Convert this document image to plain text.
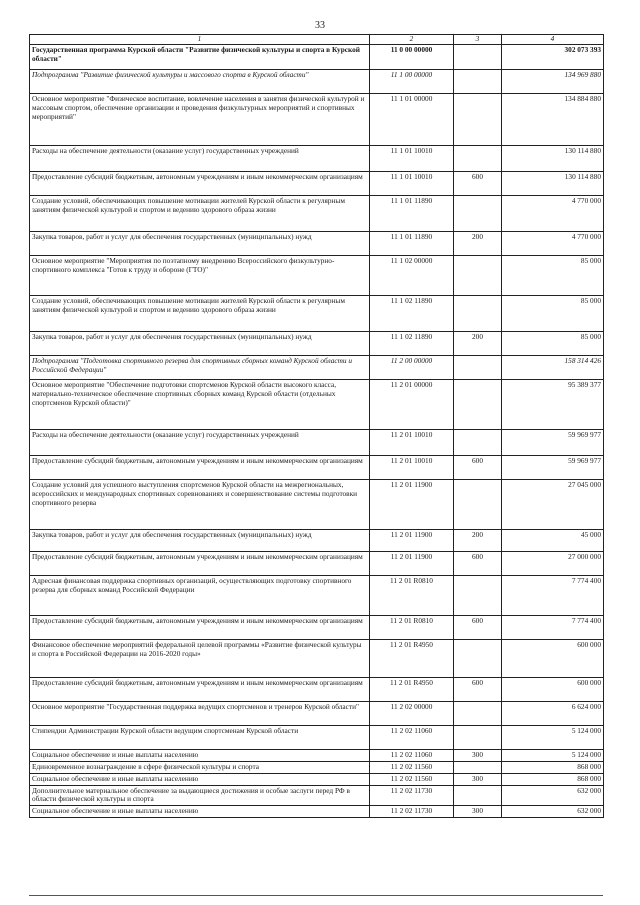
33
1	2	3	4
Государственная программа Курской области "Развитие физической культуры и спорта в Курской области"	11 0 00 00000		302 073 393
Подпрограмма "Развитие физической культуры и массового спорта в Курской области"	11 1 00 00000		134 969 880
Основное мероприятие "Физическое воспитание, вовлечение населения в занятия физической культурой и массовым спортом, обеспечение организации и проведения физкультурных мероприятий и спортивных мероприятий"	11 1 01 00000		134 884 880
Расходы на обеспечение деятельности (оказание услуг) государственных учреждений	11 1 01 10010		130 114 880
Предоставление субсидий бюджетным, автономным учреждениям и иным некоммерческим организациям	11 1 01 10010	600	130 114 880
Создание условий, обеспечивающих повышение мотивации жителей Курской области к регулярным занятиям физической культурой и спортом и ведению здорового образа жизни	11 1 01 11890		4 770 000
Закупка товаров, работ и услуг для обеспечения государственных (муниципальных) нужд	11 1 01 11890	200	4 770 000
Основное мероприятие "Мероприятия по поэтапному внедрению Всероссийского физкультурно-спортивного комплекса "Готов к труду и обороне (ГТО)"	11 1 02 00000		85 000
Создание условий, обеспечивающих повышение мотивации жителей Курской области к регулярным занятиям физической культурой и спортом и ведению здорового образа жизни	11 1 02 11890		85 000
Закупка товаров, работ и услуг для обеспечения государственных (муниципальных) нужд	11 1 02 11890	200	85 000
Подпрограмма "Подготовка спортивного резерва для спортивных сборных команд Курской области и Российской Федерации"	11 2 00 00000		158 314 426
Основное мероприятие "Обеспечение подготовки спортсменов Курской области высокого класса, материально-техническое обеспечение спортивных сборных команд Курской области (отдельных спортсменов Курской области)"	11 2 01 00000		95 389 377
Расходы на обеспечение деятельности (оказание услуг) государственных учреждений	11 2 01 10010		59 969 977
Предоставление субсидий бюджетным, автономным учреждениям и иным некоммерческим организациям	11 2 01 10010	600	59 969 977
Создание условий для успешного выступления спортсменов Курской области на межрегиональных, всероссийских и международных спортивных соревнованиях и совершенствование системы подготовки спортивного резерва	11 2 01 11900		27 045 000
Закупка товаров, работ и услуг для обеспечения государственных (муниципальных) нужд	11 2 01 11900	200	45 000
Предоставление субсидий бюджетным, автономным учреждениям и иным некоммерческим организациям	11 2 01 11900	600	27 000 000
Адресная финансовая поддержка спортивных организаций, осуществляющих подготовку спортивного резерва для сборных команд Российской Федерации	11 2 01 R0810		7 774 400
Предоставление субсидий бюджетным, автономным учреждениям и иным некоммерческим организациям	11 2 01 R0810	600	7 774 400
Финансовое обеспечение мероприятий федеральной целевой программы «Развитие физической культуры и спорта в Российской Федерации на 2016-2020 годы»	11 2 01 R4950		600 000
Предоставление субсидий бюджетным, автономным учреждениям и иным некоммерческим организациям	11 2 01 R4950	600	600 000
Основное мероприятие "Государственная поддержка ведущих спортсменов и тренеров Курской области"	11 2 02 00000		6 624 000
Стипендии Администрации Курской области ведущим спортсменам Курской области	11 2 02 11060		5 124 000
Социальное обеспечение и иные выплаты населению	11 2 02 11060	300	5 124 000
Единовременное вознаграждение в сфере физической культуры и спорта	11 2 02 11560		868 000
Социальное обеспечение и иные выплаты населению	11 2 02 11560	300	868 000
Дополнительное материальное обеспечение за выдающиеся достижения и особые заслуги перед РФ в области физической культуры и спорта	11 2 02 11730		632 000
Социальное обеспечение и иные выплаты населению	11 2 02 11730	300	632 000
